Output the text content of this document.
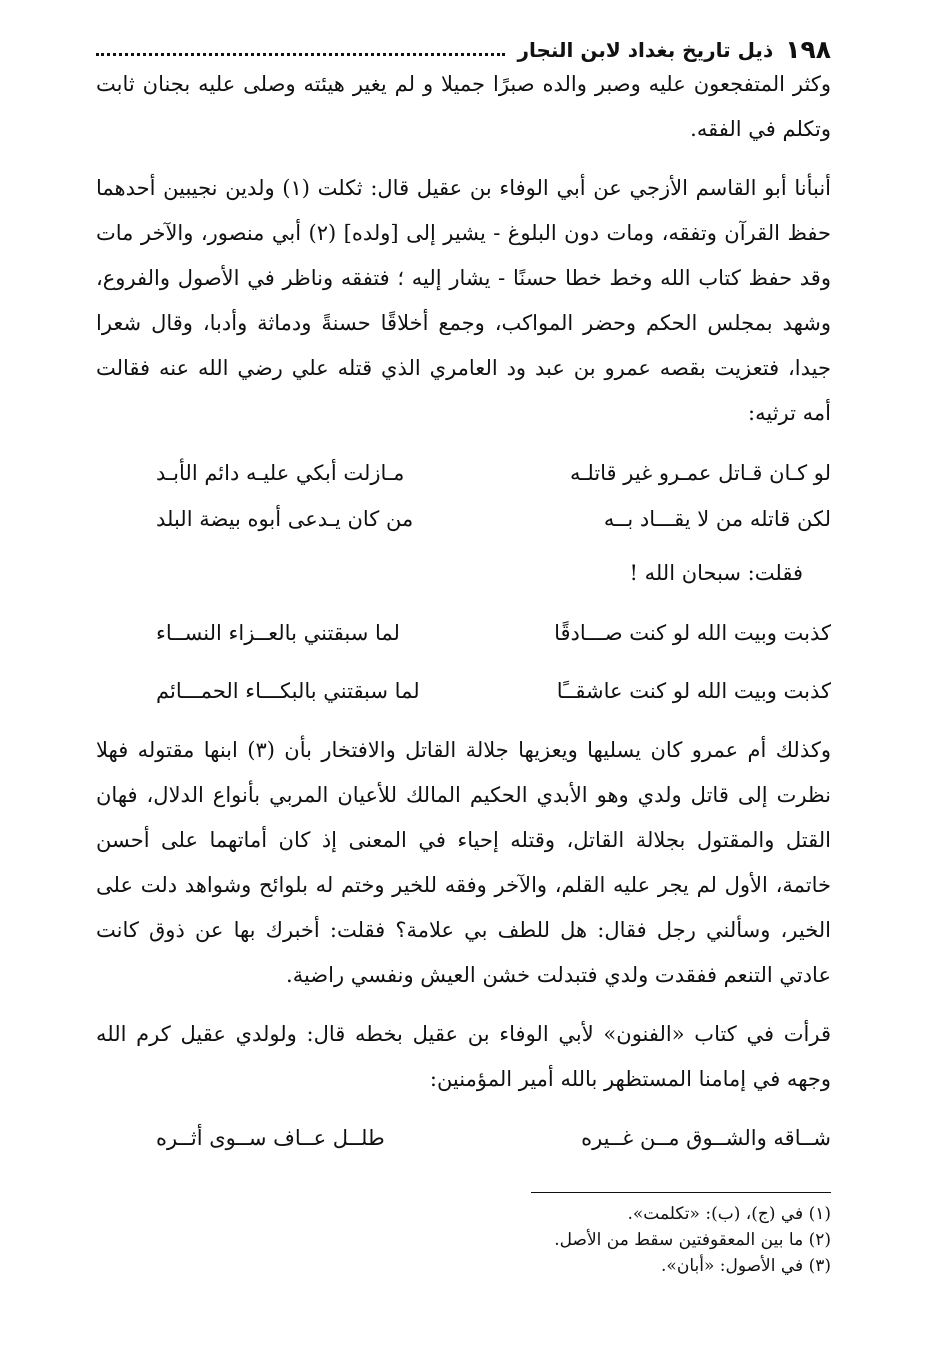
١٩٨
ذيل تاريخ بغداد لابن النجار

وكثر المتفجعون عليه وصبر والده صبرًا جميلا و لم يغير هيئته وصلى عليه بجنان ثابت وتكلم في الفقه.

أنبأنا أبو القاسم الأزجي عن أبي الوفاء بن عقيل قال: ثكلت (١) ولدين نجيبين أحدهما حفظ القرآن وتفقه، ومات دون البلوغ - يشير إلى [ولده] (٢) أبي منصور، والآخر مات وقد حفظ كتاب الله وخط خطا حسنًا - يشار إليه ؛ فتفقه وناظر في الأصول والفروع، وشهد بمجلس الحكم وحضر المواكب، وجمع أخلاقًا حسنةً ودماثة وأدبا، وقال شعرا جيدا، فتعزيت بقصه عمرو بن عبد ود العامري الذي قتله علي رضي الله عنه فقالت أمه ترثيه:

لو كـان قـاتل عمـرو غير قاتلـه
مـازلت أبكي عليـه دائم الأبـد
لكن قاتله من لا يقـــاد بــه
من كان يـدعى أبوه بيضة البلد
فقلت: سبحان الله !
كذبت وبيت الله لو كنت صـــادقًا
لما سبقتني بالعــزاء النســاء
كذبت وبيت الله لو كنت عاشقــًا
لما سبقتني بالبكـــاء الحمـــائم

وكذلك أم عمرو كان يسليها ويعزيها جلالة القاتل والافتخار بأن (٣) ابنها مقتوله فهلا نظرت إلى قاتل ولدي وهو الأبدي الحكيم المالك للأعيان المربي بأنواع الدلال، فهان القتل والمقتول بجلالة القاتل، وقتله إحياء في المعنى إذ كان أماتهما على أحسن خاتمة، الأول لم يجر عليه القلم، والآخر وفقه للخير وختم له بلوائح وشواهد دلت على الخير، وسألني رجل فقال: هل للطف بي علامة؟ فقلت: أخبرك بها عن ذوق كانت عادتي التنعم ففقدت ولدي فتبدلت خشن العيش ونفسي راضية.

قرأت في كتاب «الفنون» لأبي الوفاء بن عقيل بخطه قال: ولولدي عقيل كرم الله وجهه في إمامنا المستظهر بالله أمير المؤمنين:

شــاقه والشــوق مــن غــيره
طلــل عــاف ســوى أثــره

(١) في (ج)، (ب): «تكلمت».

(٢) ما بين المعقوفتين سقط من الأصل.

(٣) في الأصول: «أبان».
